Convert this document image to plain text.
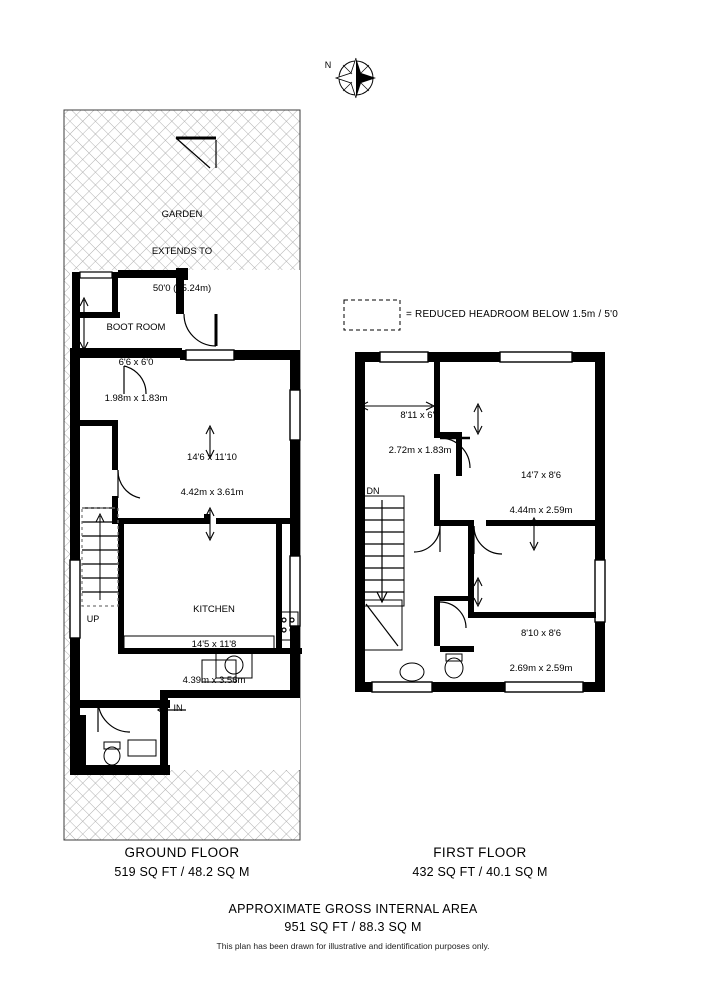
N

GARDEN

EXTENDS TO

50'0 (15.24m)

= REDUCED HEADROOM BELOW 1.5m / 5'0

BOOT ROOM

6'6 x 6'0

1.98m x 1.83m

14'6 x 11'10

4.42m x 3.61m

KITCHEN

14'5 x 11'8

4.39m x 3.56m

UP
IN

8'11 x 6'0

2.72m x 1.83m

14'7 x 8'6

4.44m x 2.59m

8'10 x 8'6

2.69m x 2.59m

DN
GROUND FLOOR
519 SQ FT / 48.2 SQ M
FIRST FLOOR
432 SQ FT / 40.1 SQ M
APPROXIMATE GROSS INTERNAL AREA
951 SQ FT / 88.3 SQ M
This plan has been drawn for illustrative and identification purposes only.
